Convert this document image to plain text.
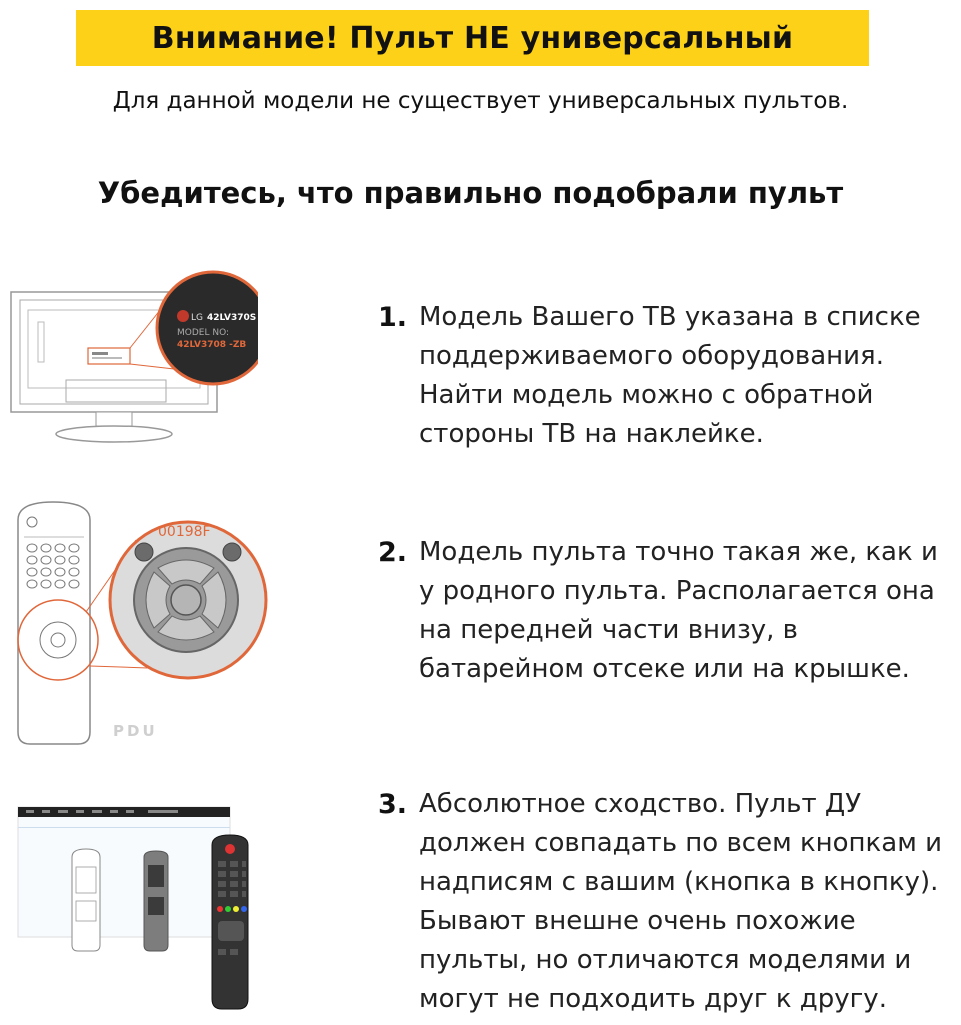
Внимание! Пульт НЕ универсальный
Для данной модели не существует универсальных пультов.
Убедитесь, что правильно подобрали пульт
LG 42LV370S
MODEL NO:
42LV3708 -ZB
PDU
00198F
1. Модель Вашего ТВ указана в списке поддерживаемого оборудования. Найти модель можно с обратной стороны ТВ на наклейке.
2. Модель пульта точно такая же, как и у родного пульта. Располагается она на передней части внизу, в батарейном отсеке или на крышке.
3. Абсолютное сходство. Пульт ДУ должен совпадать по всем кнопкам и надписям с вашим (кнопка в кнопку). Бывают внешне очень похожие пульты, но отличаются моделями и могут не подходить друг к другу.
